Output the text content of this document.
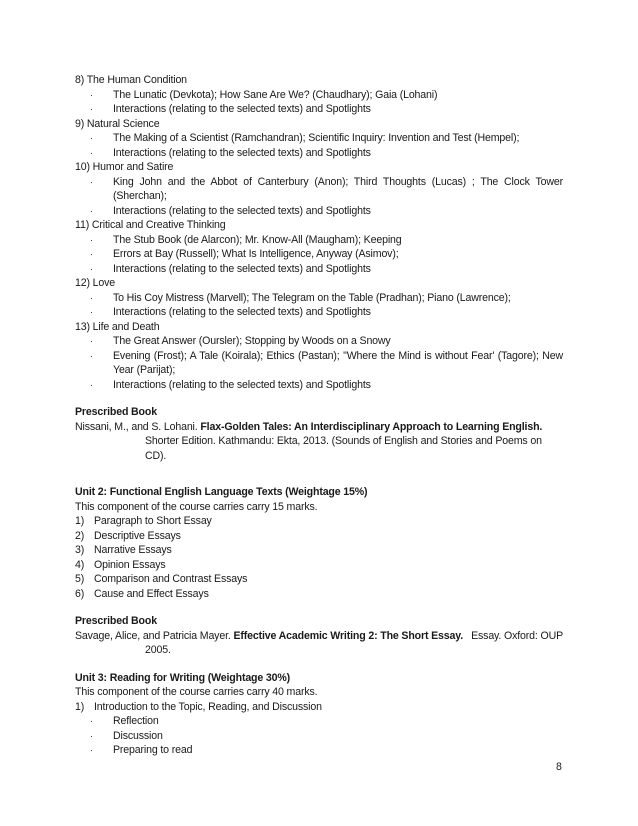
8) The Human Condition
·	The Lunatic (Devkota); How Sane Are We? (Chaudhary); Gaia (Lohani)
·	Interactions (relating to the selected texts) and Spotlights
9) Natural Science
·	The Making of a Scientist (Ramchandran); Scientific Inquiry: Invention and Test (Hempel);
·	Interactions (relating to the selected texts) and Spotlights
10) Humor and Satire
·	King John and the Abbot of Canterbury (Anon); Third Thoughts (Lucas) ; The Clock Tower (Sherchan);
·	Interactions (relating to the selected texts) and Spotlights
11) Critical and Creative Thinking
·	The Stub Book (de Alarcon); Mr. Know-All (Maugham); Keeping
·	Errors at Bay (Russell); What Is Intelligence, Anyway (Asimov);
·	Interactions (relating to the selected texts) and Spotlights
12) Love
·	To His Coy Mistress (Marvell); The Telegram on the Table (Pradhan); Piano (Lawrence);
·	Interactions (relating to the selected texts) and Spotlights
13) Life and Death
·	The Great Answer (Oursler); Stopping by Woods on a Snowy
·	Evening (Frost); A Tale (Koirala); Ethics (Pastan); "Where the Mind is without Fear' (Tagore); New Year (Parijat);
·	Interactions (relating to the selected texts) and Spotlights
Prescribed Book
Nissani, M., and S. Lohani. Flax-Golden Tales: An Interdisciplinary Approach to Learning English.
Shorter Edition. Kathmandu: Ekta, 2013. (Sounds of English and Stories and Poems on CD).
Unit 2: Functional English Language Texts (Weightage 15%)
This component of the course carries carry 15 marks.
1) Paragraph to Short Essay
2) Descriptive Essays
3) Narrative Essays
4) Opinion Essays
5) Comparison and Contrast Essays
6) Cause and Effect Essays
Prescribed Book
Savage, Alice, and Patricia Mayer. Effective Academic Writing 2: The Short Essay. Essay. Oxford: OUP
2005.
Unit 3: Reading for Writing (Weightage 30%)
This component of the course carries carry 40 marks.
1) Introduction to the Topic, Reading, and Discussion
·	Reflection
·	Discussion
·	Preparing to read
8
